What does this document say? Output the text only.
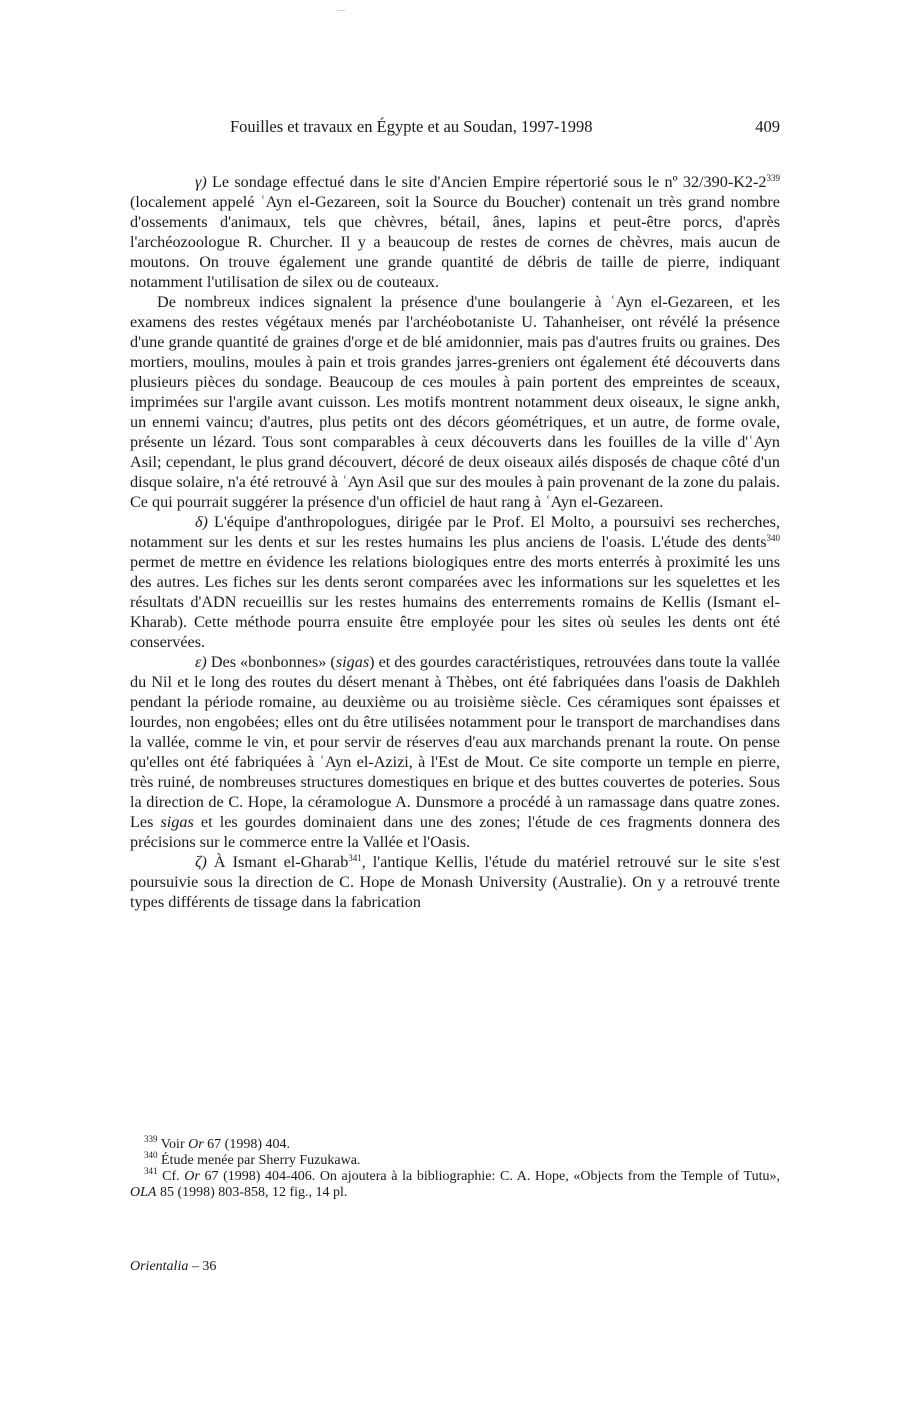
Fouilles et travaux en Égypte et au Soudan, 1997-1998	409

γ) Le sondage effectué dans le site d'Ancien Empire répertorié sous le nº $32/390-K2-2^{339}$ (localement appelé ʿAyn el-Gezareen, soit la Source du Boucher) contenait un très grand nombre d'ossements d'animaux, tels que chèvres, bétail, ânes, lapins et peut-être porcs, d'après l'archéozoologue R. Churcher. Il y a beaucoup de restes de cornes de chèvres, mais aucun de moutons. On trouve également une grande quantité de débris de taille de pierre, indiquant notamment l'utilisation de silex ou de couteaux.

De nombreux indices signalent la présence d'une boulangerie à ʿAyn el-Gezareen, et les examens des restes végétaux menés par l'archéobotaniste U. Tahanheiser, ont révélé la présence d'une grande quantité de graines d'orge et de blé amidonnier, mais pas d'autres fruits ou graines. Des mortiers, moulins, moules à pain et trois grandes jarres-greniers ont également été découverts dans plusieurs pièces du sondage. Beaucoup de ces moules à pain portent des empreintes de sceaux, imprimées sur l'argile avant cuisson. Les motifs montrent notamment deux oiseaux, le signe ankh, un ennemi vaincu; d'autres, plus petits ont des décors géométriques, et un autre, de forme ovale, présente un lézard. Tous sont comparables à ceux découverts dans les fouilles de la ville d'ʿAyn Asil; cependant, le plus grand découvert, décoré de deux oiseaux ailés disposés de chaque côté d'un disque solaire, n'a été retrouvé à ʿAyn Asil que sur des moules à pain provenant de la zone du palais. Ce qui pourrait suggérer la présence d'un officiel de haut rang à ʿAyn el-Gezareen.

δ) L'équipe d'anthropologues, dirigée par le Prof. El Molto, a poursuivi ses recherches, notamment sur les dents et sur les restes humains les plus anciens de l'oasis. L'étude des dents$^{340}$ permet de mettre en évidence les relations biologiques entre des morts enterrés à proximité les uns des autres. Les fiches sur les dents seront comparées avec les informations sur les squelettes et les résultats d'ADN recueillis sur les restes humains des enterrements romains de Kellis (Ismant el-Kharab). Cette méthode pourra ensuite être employée pour les sites où seules les dents ont été conservées.

ε) Des «bonbonnes» (sigas) et des gourdes caractéristiques, retrouvées dans toute la vallée du Nil et le long des routes du désert menant à Thèbes, ont été fabriquées dans l'oasis de Dakhleh pendant la période romaine, au deuxième ou au troisième siècle. Ces céramiques sont épaisses et lourdes, non engobées; elles ont du être utilisées notamment pour le transport de marchandises dans la vallée, comme le vin, et pour servir de réserves d'eau aux marchands prenant la route. On pense qu'elles ont été fabriquées à ʿAyn el-Azizi, à l'Est de Mout. Ce site comporte un temple en pierre, très ruiné, de nombreuses structures domestiques en brique et des buttes couvertes de poteries. Sous la direction de C. Hope, la céramologue A. Dunsmore a procédé à un ramassage dans quatre zones. Les sigas et les gourdes dominaient dans une des zones; l'étude de ces fragments donnera des précisions sur le commerce entre la Vallée et l'Oasis.

ζ) À Ismant el-Gharab$^{341}$, l'antique Kellis, l'étude du matériel retrouvé sur le site s'est poursuivie sous la direction de C. Hope de Monash University (Australie). On y a retrouvé trente types différents de tissage dans la fabrication

$^{339}$ Voir Or 67 (1998) 404.

$^{340}$ Étude menée par Sherry Fuzukawa.

$^{341}$ Cf. Or 67 (1998) 404-406. On ajoutera à la bibliographie: C. A. Hope, «Objects from the Temple of Tutu», OLA 85 (1998) 803-858, 12 fig., 14 pl.

Orientalia – 36
